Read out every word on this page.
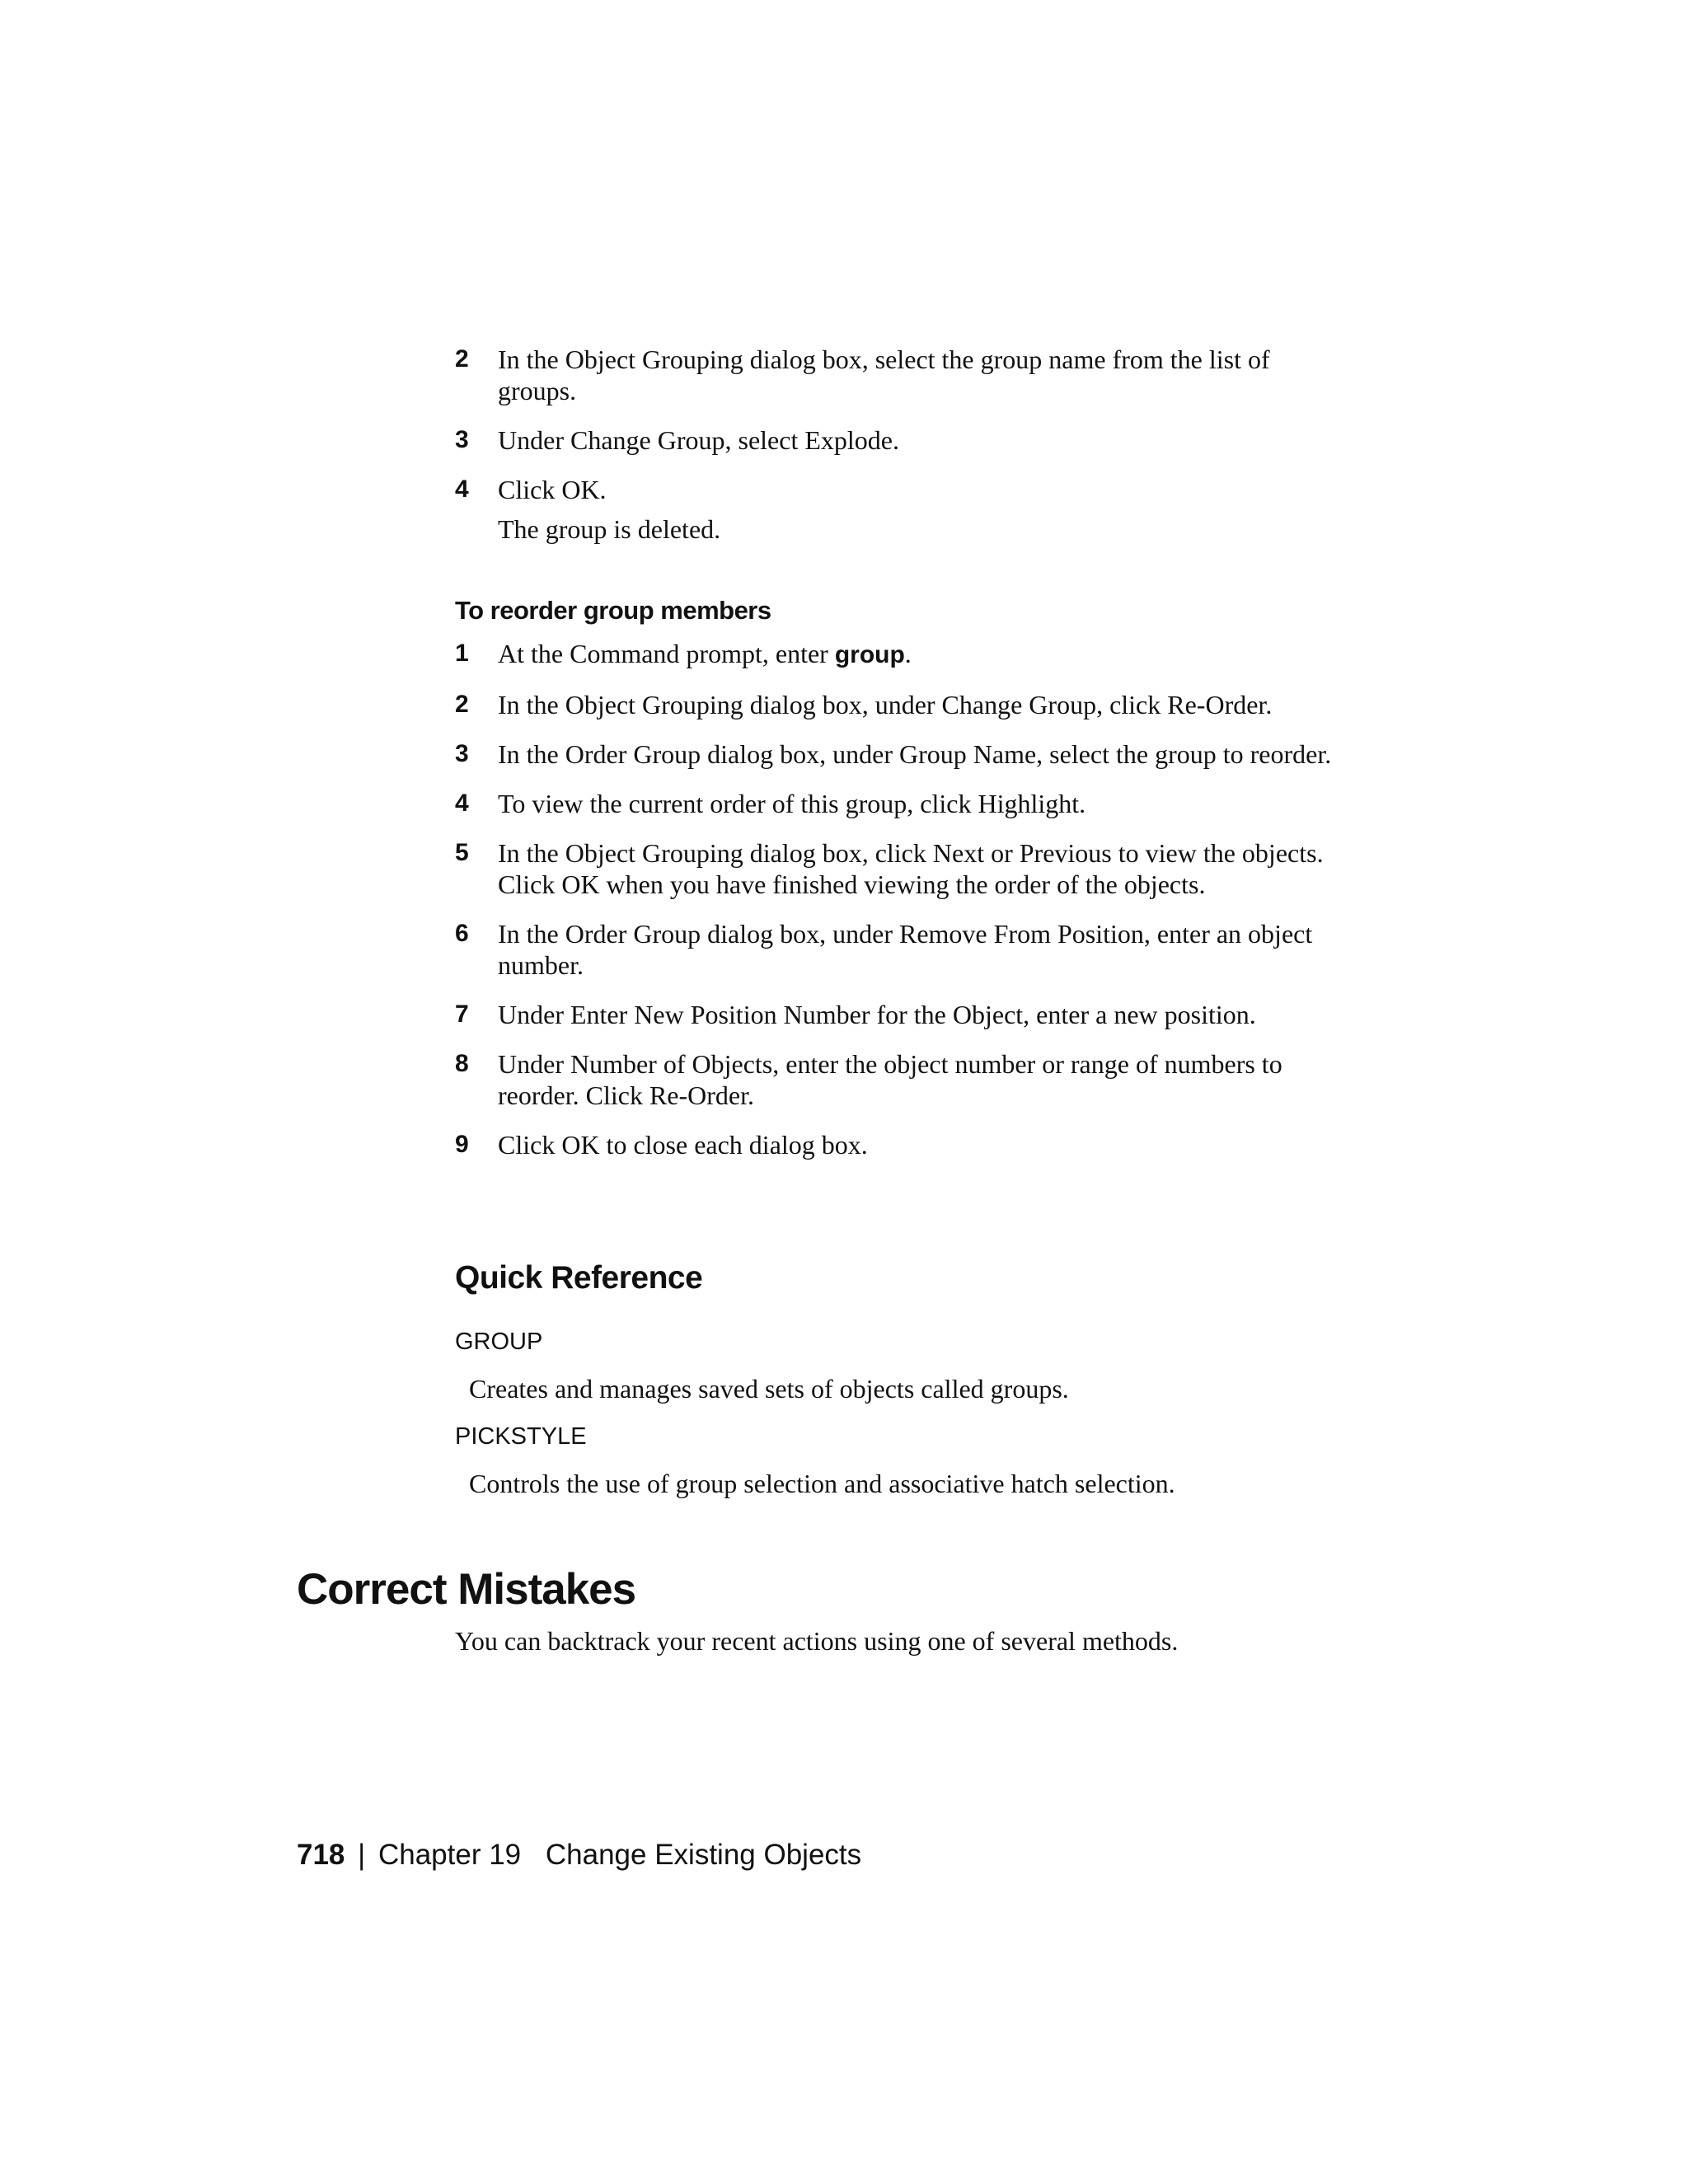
2	In the Object Grouping dialog box, select the group name from the list of groups.
3	Under Change Group, select Explode.
4	Click OK.
The group is deleted.
To reorder group members
1	At the Command prompt, enter group.
2	In the Object Grouping dialog box, under Change Group, click Re-Order.
3	In the Order Group dialog box, under Group Name, select the group to reorder.
4	To view the current order of this group, click Highlight.
5	In the Object Grouping dialog box, click Next or Previous to view the objects. Click OK when you have finished viewing the order of the objects.
6	In the Order Group dialog box, under Remove From Position, enter an object number.
7	Under Enter New Position Number for the Object, enter a new position.
8	Under Number of Objects, enter the object number or range of numbers to reorder. Click Re-Order.
9	Click OK to close each dialog box.
Quick Reference
GROUP
Creates and manages saved sets of objects called groups.
PICKSTYLE
Controls the use of group selection and associative hatch selection.
Correct Mistakes
You can backtrack your recent actions using one of several methods.
718 | Chapter 19 Change Existing Objects
